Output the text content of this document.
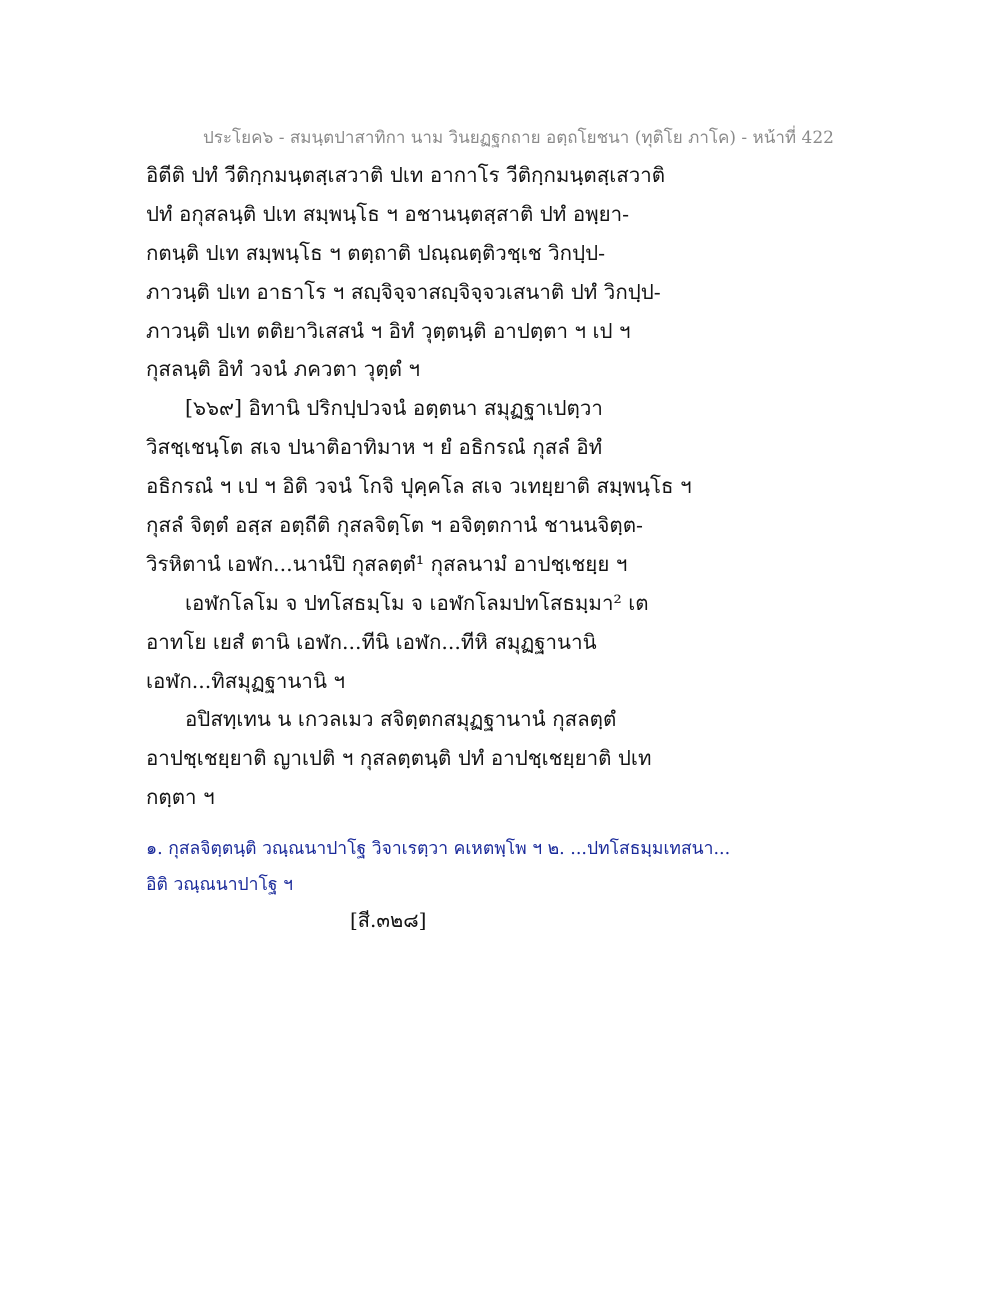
ประโยค๖ - สมนฺตปาสาทิกา นาม วินยฏฐกถาย อตฺถโยชนา (ทุติโย ภาโค) - หน้าที่ 422
อิตีติ ปทํ วีติกฺกมนฺตสฺเสวาติ ปเท อากาโร วีติกฺกมนฺตสฺเสวาติ
ปทํ อกุสลนฺติ ปเท สมฺพนฺโธ ฯ อชานนฺตสฺสาติ ปทํ อพฺยา-
กตนฺติ ปเท สมฺพนฺโธ ฯ ตตฺถาติ ปณฺณตฺติวชฺเช วิกปฺป-
ภาวนฺติ ปเท อาธาโร ฯ สญฺจิจฺจาสญฺจิจฺจวเสนาติ ปทํ วิกปฺป-
ภาวนฺติ ปเท ตติยาวิเสสนํ ฯ อิทํ วุตฺตนฺติ อาปตฺตา ฯ เป ฯ
กุสลนฺติ อิทํ วจนํ ภควตา วุตฺตํ ฯ
[๖๖๙] อิทานิ ปริกปฺปวจนํ อตฺตนา สมุฏฐาเปตฺวา
วิสชฺเชนฺโต สเจ ปนาติอาทิมาห ฯ ยํ อธิกรณํ กุสลํ อิทํ
อธิกรณํ ฯ เป ฯ อิติ วจนํ โกจิ ปุคฺคโล สเจ วเทยฺยาติ สมฺพนฺโธ ฯ
กุสลํ จิตฺตํ อสฺส อตฺถีติ กุสลจิตฺโต ฯ อจิตฺตกานํ ชานนจิตฺต-
วิรหิตานํ เอฬก...นานํปิ กุสลตฺตํ¹ กุสลนามํ อาปชฺเชยฺย ฯ
เอฬกโลโม จ ปทโสธมฺโม จ เอฬกโลมปทโสธมฺมา² เต
อาทโย เยสํ ตานิ เอฬก...ทีนิ เอฬก...ทีหิ สมุฏฐานานิ
เอฬก...ทิสมุฏฐานานิ ฯ
อปิสทฺเทน น เกวลเมว สจิตฺตกสมุฏฐานานํ กุสลตฺตํ
อาปชฺเชยฺยาติ ญาเปติ ฯ กุสลตฺตนฺติ ปทํ อาปชฺเชยฺยาติ ปเท
กตฺตา ฯ
๑. กุสลจิตฺตนฺติ วณฺณนาปาโฐ วิจาเรตฺวา คเหตพฺโพ ฯ ๒. ...ปทโสธมฺมเทสนา...
อิติ วณฺณนาปาโฐ ฯ
[สี.๓๒๘]
